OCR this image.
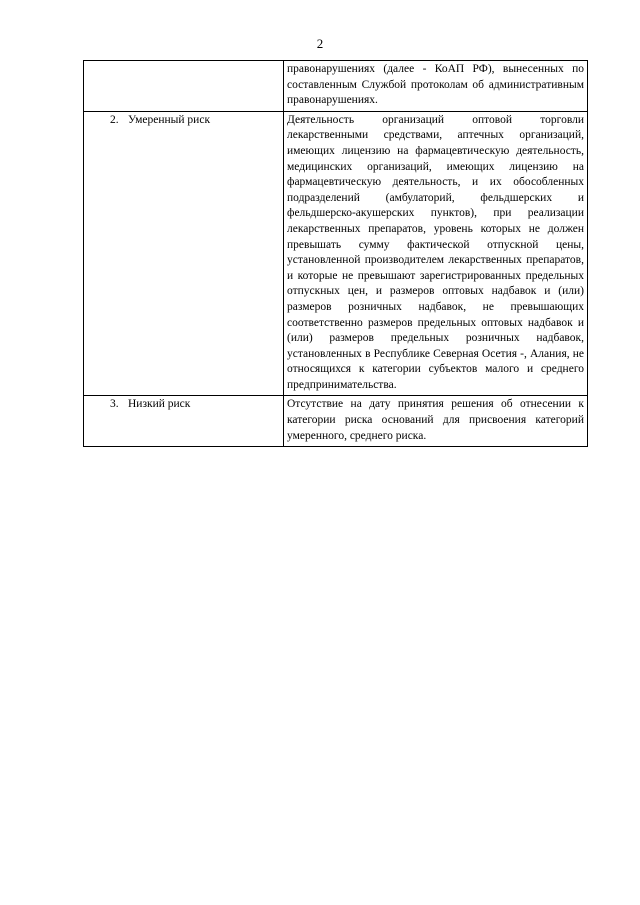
2
	правонарушениях (далее - КоАП РФ), вынесенных по составленным Службой протоколам об административным правонарушениях.
2. Умеренный риск	Деятельность организаций оптовой торговли лекарственными средствами, аптечных организаций, имеющих лицензию на фармацевтическую деятельность, медицинских организаций, имеющих лицензию на фармацевтическую деятельность, и их обособленных подразделений (амбулаторий, фельдшерских и фельдшерско-акушерских пунктов), при реализации лекарственных препаратов, уровень которых не должен превышать сумму фактической отпускной цены, установленной производителем лекарственных препаратов, и которые не превышают зарегистрированных предельных отпускных цен, и размеров оптовых надбавок и (или) размеров розничных надбавок, не превышающих соответственно размеров предельных оптовых надбавок и (или) размеров предельных розничных надбавок, установленных в Республике Северная Осетия -, Алания, не относящихся к категории субъектов малого и среднего предпринимательства.
3. Низкий риск	Отсутствие на дату принятия решения об отнесении к категории риска оснований для присвоения категорий умеренного, среднего риска.
